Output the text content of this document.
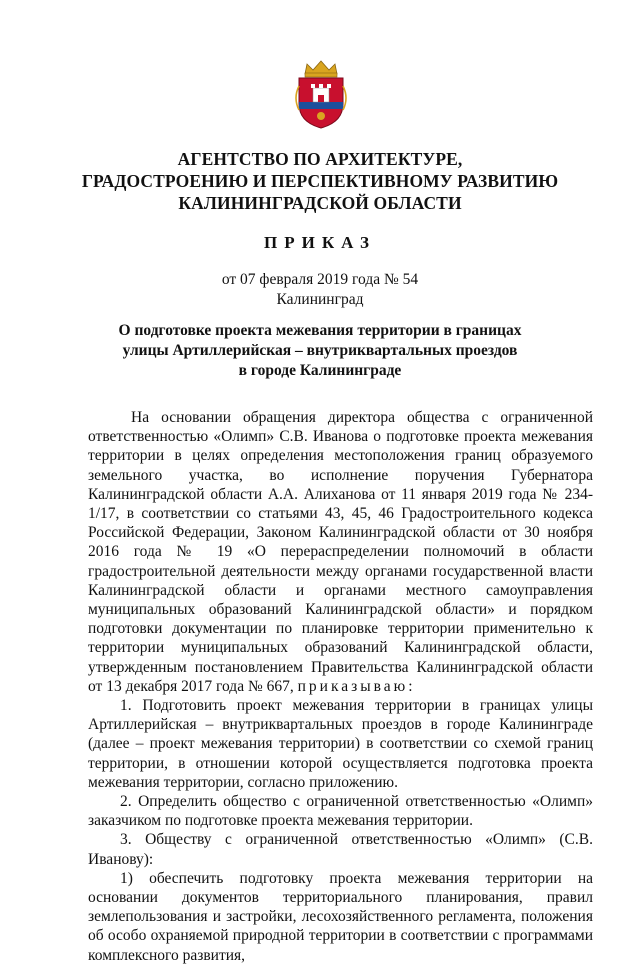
АГЕНТСТВО ПО АРХИТЕКТУРЕ,
ГРАДОСТРОЕНИЮ И ПЕРСПЕКТИВНОМУ РАЗВИТИЮ
КАЛИНИНГРАДСКОЙ ОБЛАСТИ
ПРИКАЗ
от 07 февраля 2019 года № 54
Калининград
О подготовке проекта межевания территории в границах
улицы Артиллерийская – внутриквартальных проездов
в городе Калининграде

На основании обращения директора общества с ограниченной ответственностью «Олимп» С.В. Иванова о подготовке проекта межевания территории в целях определения местоположения границ образуемого земельного участка, во исполнение поручения Губернатора Калининградской области А.А. Алиханова от 11 января 2019 года № 234-1/17, в соответствии со статьями 43, 45, 46 Градостроительного кодекса Российской Федерации, Законом Калининградской области от 30 ноября 2016 года № 19 «О перераспределении полномочий в области градостроительной деятельности между органами государственной власти Калининградской области и органами местного самоуправления муниципальных образований Калининградской области» и порядком подготовки документации по планировке территории применительно к территории муниципальных образований Калининградской области, утвержденным постановлением Правительства Калининградской области от 13 декабря 2017 года № 667, приказываю:

1. Подготовить проект межевания территории в границах улицы Артиллерийская – внутриквартальных проездов в городе Калининграде (далее – проект межевания территории) в соответствии со схемой границ территории, в отношении которой осуществляется подготовка проекта межевания территории, согласно приложению.

2. Определить общество с ограниченной ответственностью «Олимп» заказчиком по подготовке проекта межевания территории.

3. Обществу с ограниченной ответственностью «Олимп» (С.В. Иванову):

1) обеспечить подготовку проекта межевания территории на основании документов территориального планирования, правил землепользования и застройки, лесохозяйственного регламента, положения об особо охраняемой природной территории в соответствии с программами комплексного развития,
